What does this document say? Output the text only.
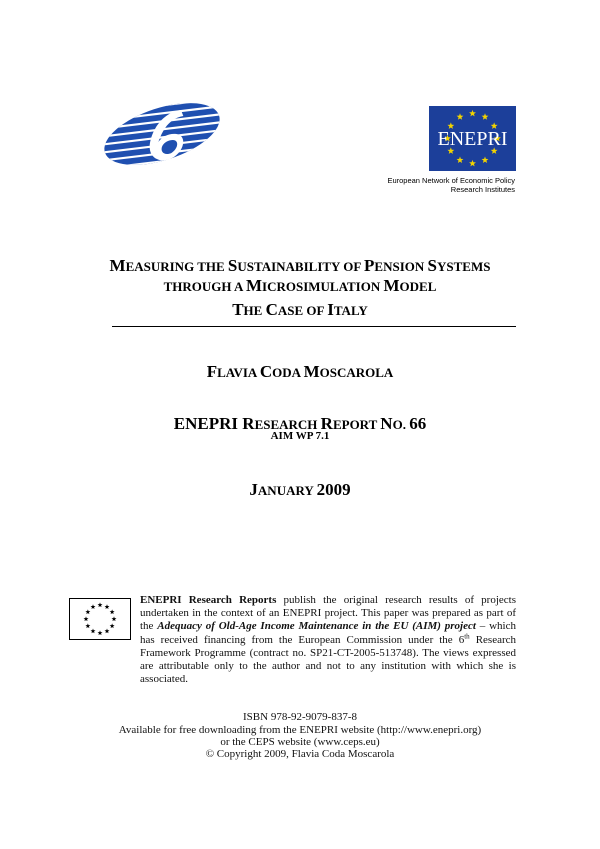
ENEPRI
European Network of Economic Policy
Research Institutes
MEASURING THE SUSTAINABILITY OF PENSION SYSTEMS
THROUGH A MICROSIMULATION MODEL
THE CASE OF ITALY
FLAVIA CODA MOSCAROLA
ENEPRI RESEARCH REPORT NO. 66
AIM WP 7.1
JANUARY 2009
ENEPRI Research Reports publish the original research results of projects
undertaken in the context of an ENEPRI project. This paper was prepared as part of
the Adequacy of Old-Age Income Maintenance in the EU (AIM) project – which
has received financing from the European Commission under the 6th Research
Framework Programme (contract no. SP21-CT-2005-513748). The views expressed
are attributable only to the author and not to any institution with which she is
associated.
ISBN 978-92-9079-837-8
Available for free downloading from the ENEPRI website (http://www.enepri.org)
or the CEPS website (www.ceps.eu)
© Copyright 2009, Flavia Coda Moscarola
